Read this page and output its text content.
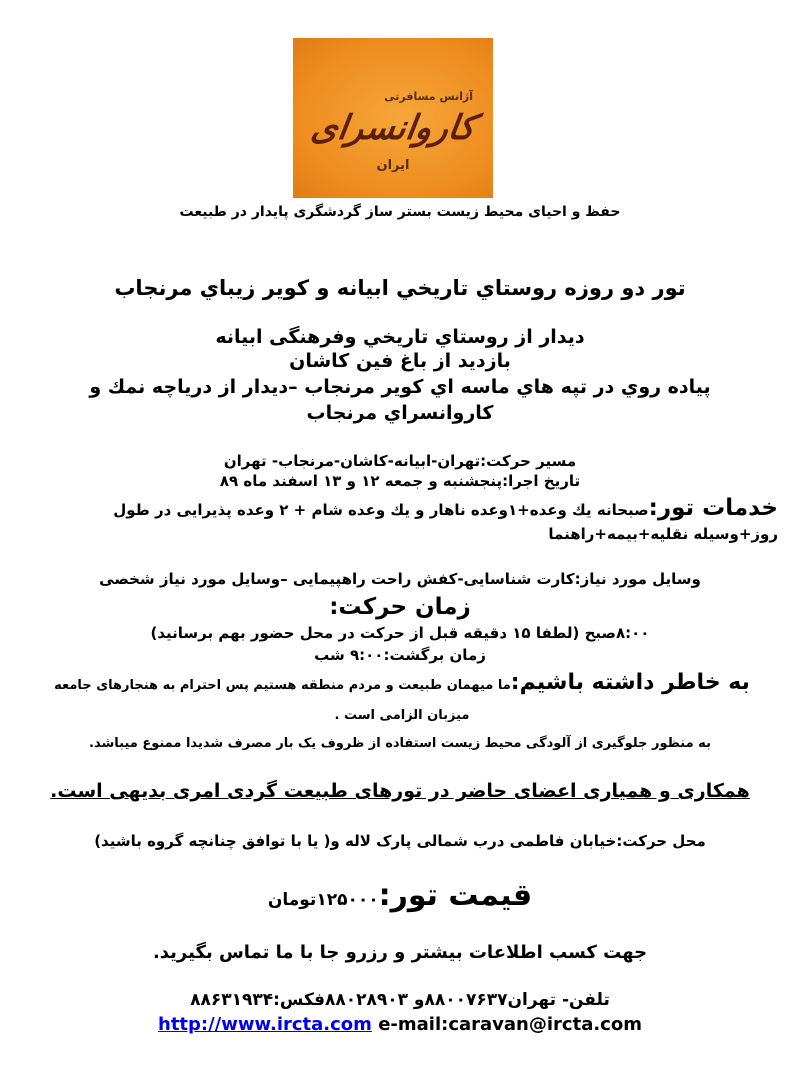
آژانس مسافرتی
کاروانسرای
ایران
حفظ و احیای محیط زیست بستر ساز گردشگری پایدار در طبیعت
تور دو روزه روستاي تاريخي ابيانه و كوير زيباي مرنجاب
ديدار از روستاي تاريخي وفرهنگی ابیانه
بازدید از باغ فين كاشان
پياده روي در تپه هاي ماسه اي كوير مرنجاب –ديدار از درياچه نمك و كاروانسراي مرنجاب
مسیر حرکت:تهران-ابیانه-کاشان-مرنجاب- تهران
تاریخ اجرا:پنجشنبه و جمعه ۱۲ و ۱۳ اسفند ماه ۸۹
خدمات تور:صبحانه يك وعده+۱وعده ناهار و يك وعده شام + ۲ وعده پذیرایی در طول روز+وسیله نقلیه+بیمه+راهنما
وسایل مورد نیاز:کارت شناسایی-کفش راحت راهپیمایی –وسایل مورد نیاز شخصی
زمان حرکت:
۸:۰۰صبح (لطفا ۱۵ دقیقه قبل از حرکت در محل حضور بهم برسانید)
زمان برگشت:۹:۰۰ شب
به خاطر داشته باشیم:ما میهمان طبیعت و مردم منطقه هستیم پس احترام به هنجارهای جامعه میزبان الزامی است .
به منظور جلوگیری از آلودگی محیط زیست استفاده از ظروف یک بار مصرف شدیدا ممنوع میباشد.
همکاری و همیاری اعضای حاضر در تورهای طبیعت گردی امری بدیهی است.
محل حرکت:خیابان فاطمی درب شمالی پارک لاله و( یا با توافق چنانچه گروه باشید)
قیمت تور:۱۲۵۰۰۰تومان
جهت کسب اطلاعات بیشتر و رزرو جا با ما تماس بگیرید.
تلفن- تهران۸۸۰۰۷۶۳۷و ۸۸۰۲۸۹۰۳فکس:۸۸۶۳۱۹۳۴
http://www.ircta.com e-mail:caravan@ircta.com
